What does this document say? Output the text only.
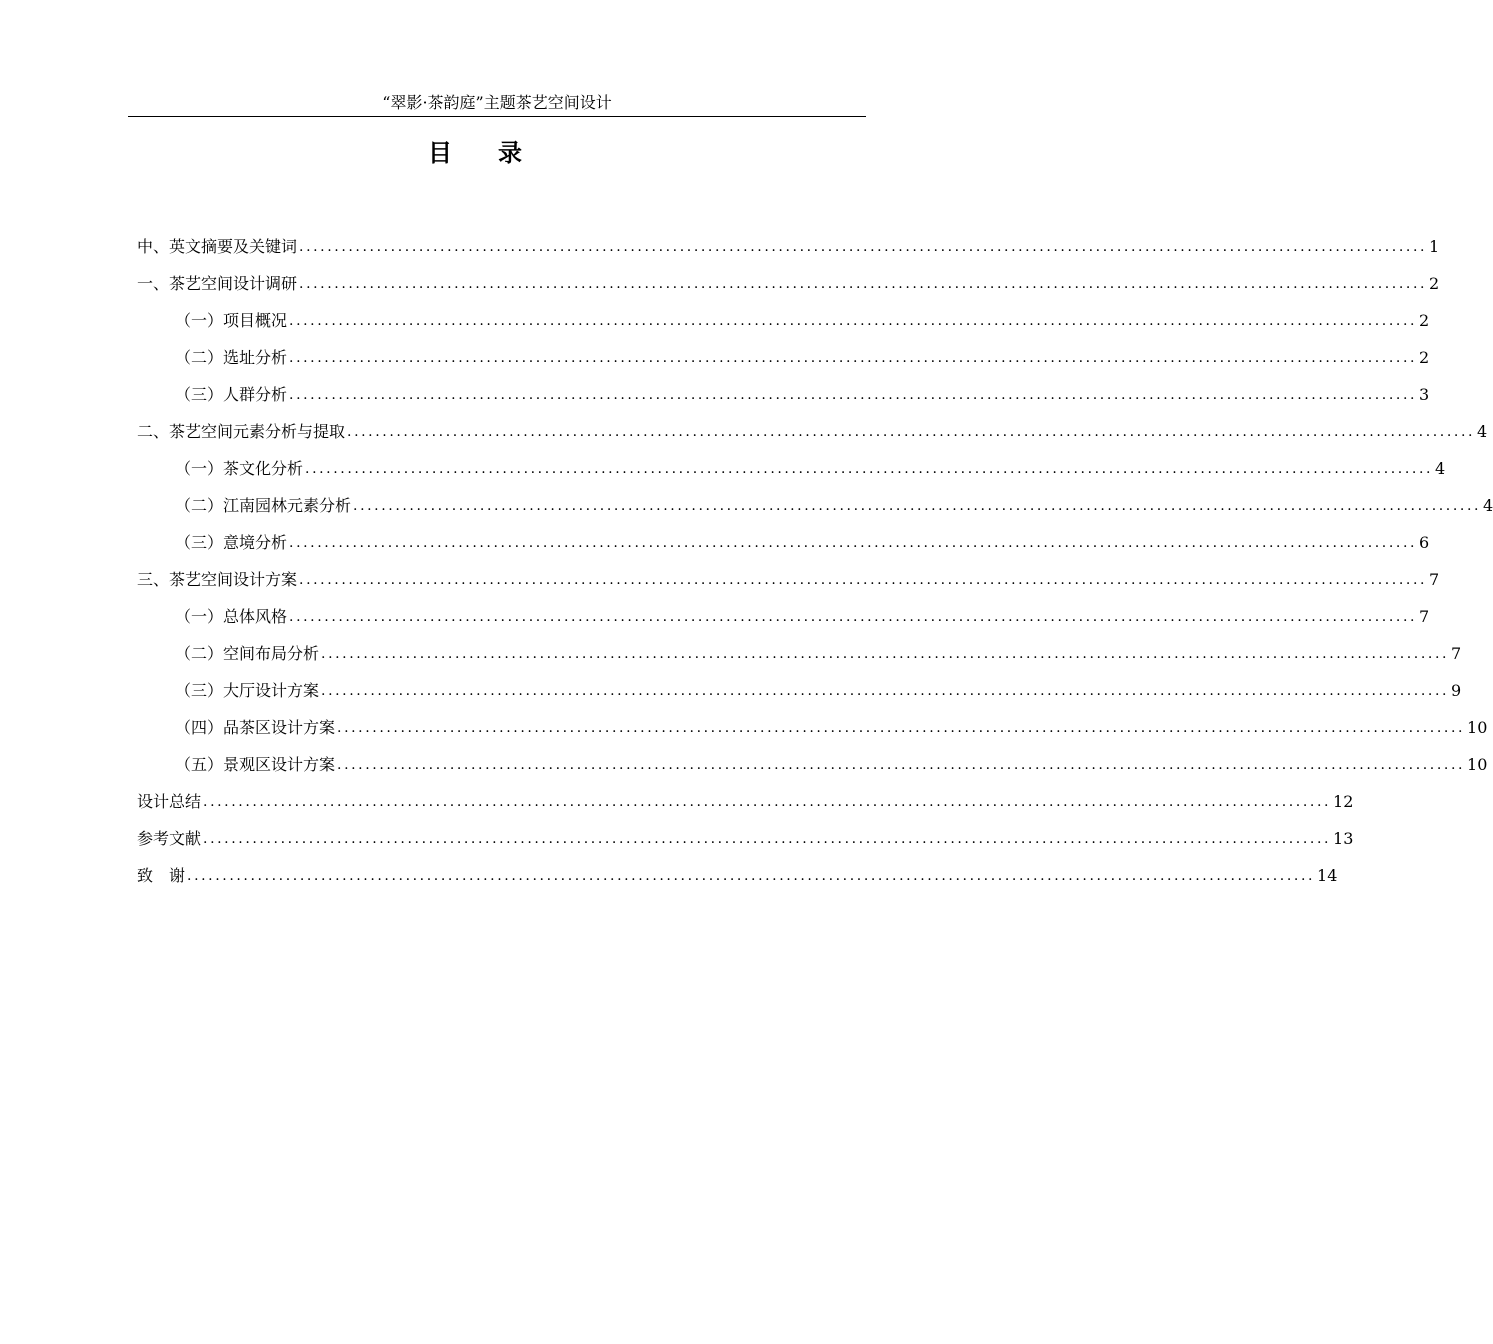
“翠影·茶韵庭”主题茶艺空间设计
目 录
中、英文摘要及关键词 ................................................................................................................................................................ 1
一、茶艺空间设计调研 ................................................................................................................................................................ 2
（一）项目概况 ................................................................................................................................................................ 2
（二）选址分析 ................................................................................................................................................................ 2
（三）人群分析 ................................................................................................................................................................ 3
二、茶艺空间元素分析与提取 ................................................................................................................................................................ 4
（一）茶文化分析 ................................................................................................................................................................ 4
（二）江南园林元素分析 ................................................................................................................................................................ 4
（三）意境分析 ................................................................................................................................................................ 6
三、茶艺空间设计方案 ................................................................................................................................................................ 7
（一）总体风格 ................................................................................................................................................................ 7
（二）空间布局分析 ................................................................................................................................................................ 7
（三）大厅设计方案 ................................................................................................................................................................ 9
（四）品茶区设计方案 ................................................................................................................................................................ 10
（五）景观区设计方案 ................................................................................................................................................................ 10
设计总结 ................................................................................................................................................................ 12
参考文献 ................................................................................................................................................................ 13
致　谢 ................................................................................................................................................................ 14
